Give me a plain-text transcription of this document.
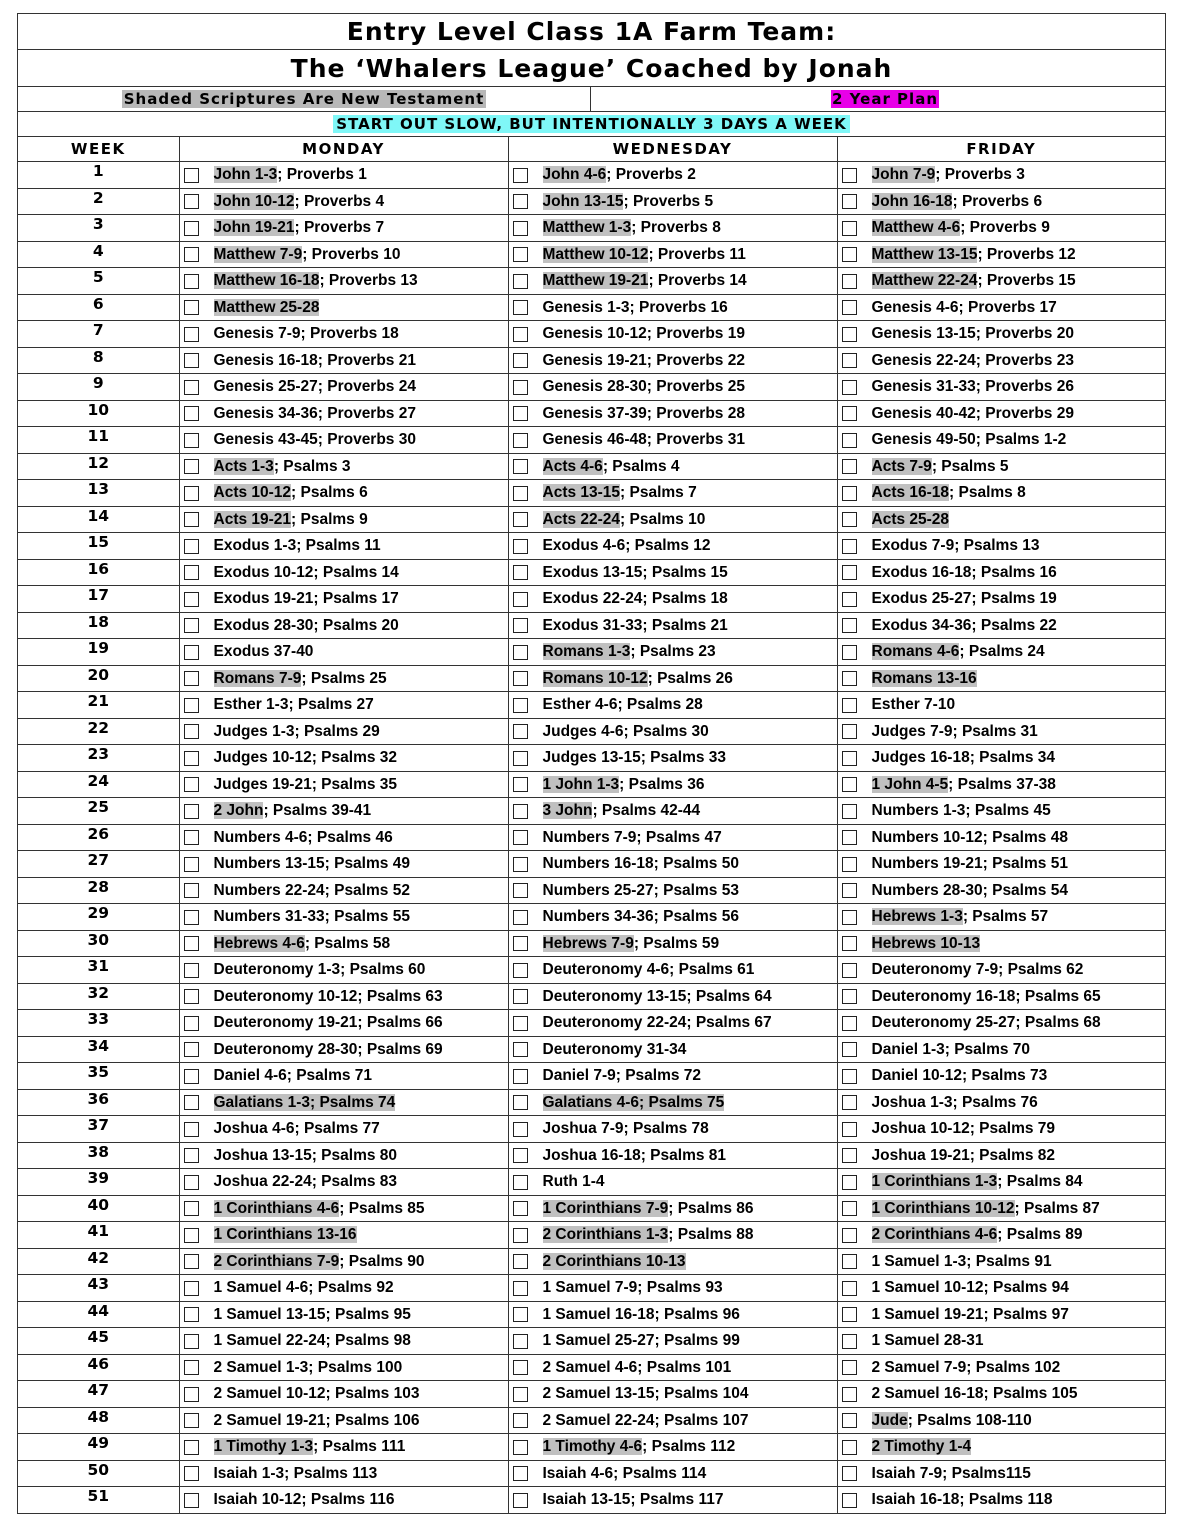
Entry Level Class 1A Farm Team:
The ‘Whalers League’ Coached by Jonah
Shaded Scriptures Are New Testament	2 Year Plan
START OUT SLOW, BUT INTENTIONALLY 3 DAYS A WEEK
WEEK	MONDAY	WEDNESDAY	FRIDAY
1	John 1-3; Proverbs 1	John 4-6; Proverbs 2	John 7-9; Proverbs 3

2	John 10-12; Proverbs 4	John 13-15; Proverbs 5	John 16-18; Proverbs 6

3	John 19-21; Proverbs 7	Matthew 1-3; Proverbs 8	Matthew 4-6; Proverbs 9

4	Matthew 7-9; Proverbs 10	Matthew 10-12; Proverbs 11	Matthew 13-15; Proverbs 12

5	Matthew 16-18; Proverbs 13	Matthew 19-21; Proverbs 14	Matthew 22-24; Proverbs 15

6	Matthew 25-28	Genesis 1-3; Proverbs 16	Genesis 4-6; Proverbs 17

7	Genesis 7-9; Proverbs 18	Genesis 10-12; Proverbs 19	Genesis 13-15; Proverbs 20

8	Genesis 16-18; Proverbs 21	Genesis 19-21; Proverbs 22	Genesis 22-24; Proverbs 23

9	Genesis 25-27; Proverbs 24	Genesis 28-30; Proverbs 25	Genesis 31-33; Proverbs 26

10	Genesis 34-36; Proverbs 27	Genesis 37-39; Proverbs 28	Genesis 40-42; Proverbs 29

11	Genesis 43-45; Proverbs 30	Genesis 46-48; Proverbs 31	Genesis 49-50; Psalms 1-2

12	Acts 1-3; Psalms 3	Acts 4-6; Psalms 4	Acts 7-9; Psalms 5

13	Acts 10-12; Psalms 6	Acts 13-15; Psalms 7	Acts 16-18; Psalms 8

14	Acts 19-21; Psalms 9	Acts 22-24; Psalms 10	Acts 25-28

15	Exodus 1-3; Psalms 11	Exodus 4-6; Psalms 12	Exodus 7-9; Psalms 13

16	Exodus 10-12; Psalms 14	Exodus 13-15; Psalms 15	Exodus 16-18; Psalms 16

17	Exodus 19-21; Psalms 17	Exodus 22-24; Psalms 18	Exodus 25-27; Psalms 19

18	Exodus 28-30; Psalms 20	Exodus 31-33; Psalms 21	Exodus 34-36; Psalms 22

19	Exodus 37-40	Romans 1-3; Psalms 23	Romans 4-6; Psalms 24

20	Romans 7-9; Psalms 25	Romans 10-12; Psalms 26	Romans 13-16

21	Esther 1-3; Psalms 27	Esther 4-6; Psalms 28	Esther 7-10

22	Judges 1-3; Psalms 29	Judges 4-6; Psalms 30	Judges 7-9; Psalms 31

23	Judges 10-12; Psalms 32	Judges 13-15; Psalms 33	Judges 16-18; Psalms 34

24	Judges 19-21; Psalms 35	1 John 1-3; Psalms 36	1 John 4-5; Psalms 37-38

25	2 John; Psalms 39-41	3 John; Psalms 42-44	Numbers 1-3; Psalms 45

26	Numbers 4-6; Psalms 46	Numbers 7-9; Psalms 47	Numbers 10-12; Psalms 48

27	Numbers 13-15; Psalms 49	Numbers 16-18; Psalms 50	Numbers 19-21; Psalms 51

28	Numbers 22-24; Psalms 52	Numbers 25-27; Psalms 53	Numbers 28-30; Psalms 54

29	Numbers 31-33; Psalms 55	Numbers 34-36; Psalms 56	Hebrews 1-3; Psalms 57

30	Hebrews 4-6; Psalms 58	Hebrews 7-9; Psalms 59	Hebrews 10-13

31	Deuteronomy 1-3; Psalms 60	Deuteronomy 4-6; Psalms 61	Deuteronomy 7-9; Psalms 62

32	Deuteronomy 10-12; Psalms 63	Deuteronomy 13-15; Psalms 64	Deuteronomy 16-18; Psalms 65

33	Deuteronomy 19-21; Psalms 66	Deuteronomy 22-24; Psalms 67	Deuteronomy 25-27; Psalms 68

34	Deuteronomy 28-30; Psalms 69	Deuteronomy 31-34	Daniel 1-3; Psalms 70

35	Daniel 4-6; Psalms 71	Daniel 7-9; Psalms 72	Daniel 10-12; Psalms 73

36	Galatians 1-3; Psalms 74	Galatians 4-6; Psalms 75	Joshua 1-3; Psalms 76

37	Joshua 4-6; Psalms 77	Joshua 7-9; Psalms 78	Joshua 10-12; Psalms 79

38	Joshua 13-15; Psalms 80	Joshua 16-18; Psalms 81	Joshua 19-21; Psalms 82

39	Joshua 22-24; Psalms 83	Ruth 1-4	1 Corinthians 1-3; Psalms 84

40	1 Corinthians 4-6; Psalms 85	1 Corinthians 7-9; Psalms 86	1 Corinthians 10-12; Psalms 87

41	1 Corinthians 13-16	2 Corinthians 1-3; Psalms 88	2 Corinthians 4-6; Psalms 89

42	2 Corinthians 7-9; Psalms 90	2 Corinthians 10-13	1 Samuel 1-3; Psalms 91

43	1 Samuel 4-6; Psalms 92	1 Samuel 7-9; Psalms 93	1 Samuel 10-12; Psalms 94

44	1 Samuel 13-15; Psalms 95	1 Samuel 16-18; Psalms 96	1 Samuel 19-21; Psalms 97

45	1 Samuel 22-24; Psalms 98	1 Samuel 25-27; Psalms 99	1 Samuel 28-31

46	2 Samuel 1-3; Psalms 100	2 Samuel 4-6; Psalms 101	2 Samuel 7-9; Psalms 102

47	2 Samuel 10-12; Psalms 103	2 Samuel 13-15; Psalms 104	2 Samuel 16-18; Psalms 105

48	2 Samuel 19-21; Psalms 106	2 Samuel 22-24; Psalms 107	Jude; Psalms 108-110

49	1 Timothy 1-3; Psalms 111	1 Timothy 4-6; Psalms 112	2 Timothy 1-4

50	Isaiah 1-3; Psalms 113	Isaiah 4-6; Psalms 114	Isaiah 7-9; Psalms115

51	Isaiah 10-12; Psalms 116	Isaiah 13-15; Psalms 117	Isaiah 16-18; Psalms 118
